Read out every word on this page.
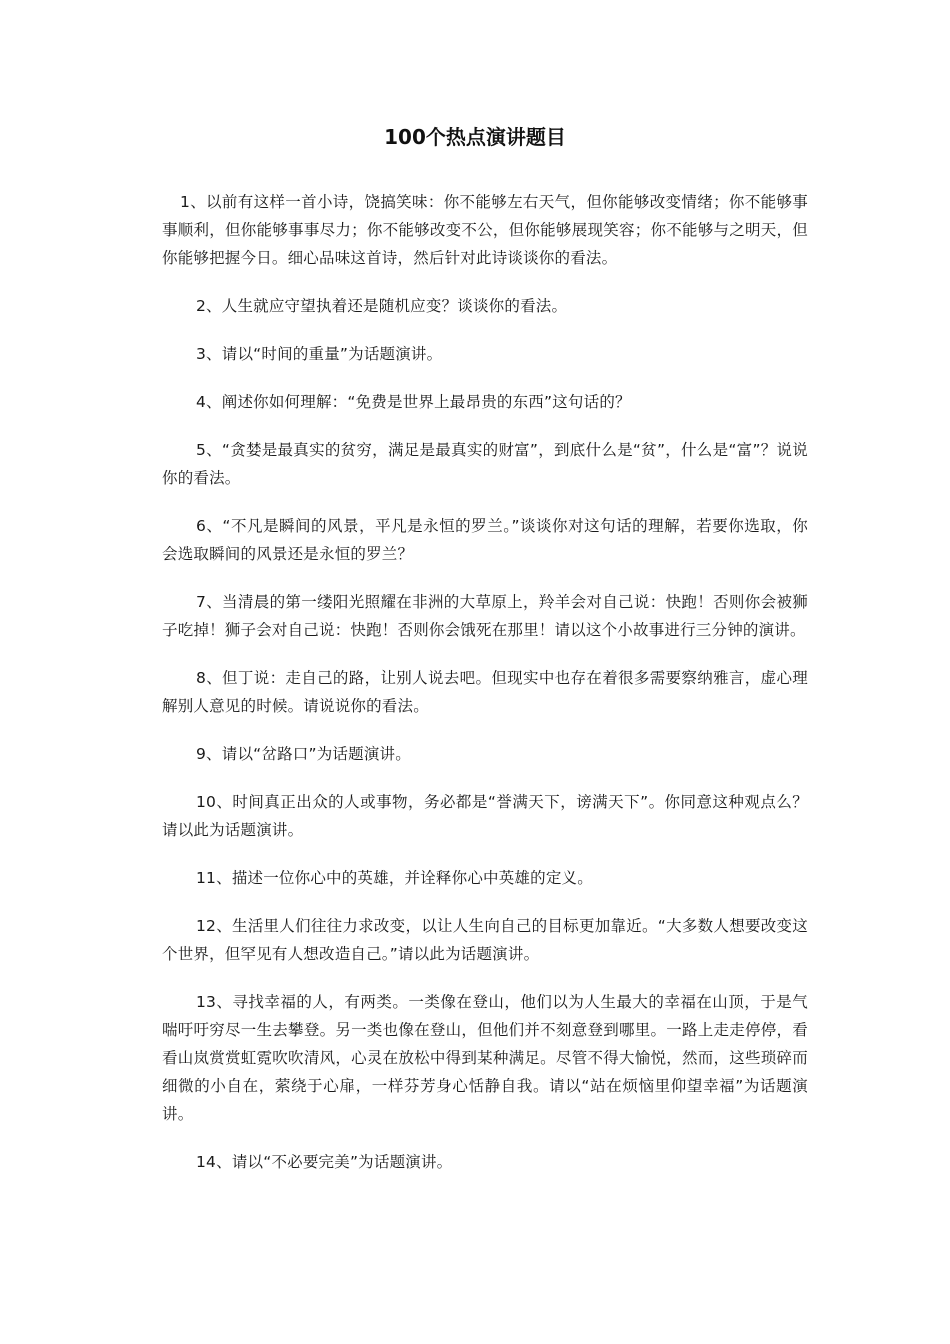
100个热点演讲题目

1、以前有这样一首小诗，饶搞笑味：你不能够左右天气，但你能够改变情绪；你不能够事事顺利，但你能够事事尽力；你不能够改变不公，但你能够展现笑容；你不能够与之明天，但你能够把握今日。细心品味这首诗，然后针对此诗谈谈你的看法。

2、人生就应守望执着还是随机应变？谈谈你的看法。

3、请以“时间的重量”为话题演讲。

4、阐述你如何理解：“免费是世界上最昂贵的东西”这句话的？

5、“贪婪是最真实的贫穷，满足是最真实的财富”，到底什么是“贫”，什么是“富”？说说你的看法。

6、“不凡是瞬间的风景，平凡是永恒的罗兰。”谈谈你对这句话的理解，若要你选取，你会选取瞬间的风景还是永恒的罗兰？

7、当清晨的第一缕阳光照耀在非洲的大草原上，羚羊会对自己说：快跑！否则你会被狮子吃掉！狮子会对自己说：快跑！否则你会饿死在那里！请以这个小故事进行三分钟的演讲。

8、但丁说：走自己的路，让别人说去吧。但现实中也存在着很多需要察纳雅言，虚心理解别人意见的时候。请说说你的看法。

9、请以“岔路口”为话题演讲。

10、时间真正出众的人或事物，务必都是“誉满天下，谤满天下”。你同意这种观点么？请以此为话题演讲。

11、描述一位你心中的英雄，并诠释你心中英雄的定义。

12、生活里人们往往力求改变，以让人生向自己的目标更加靠近。“大多数人想要改变这个世界，但罕见有人想改造自己。”请以此为话题演讲。

13、寻找幸福的人，有两类。一类像在登山，他们以为人生最大的幸福在山顶，于是气喘吁吁穷尽一生去攀登。另一类也像在登山，但他们并不刻意登到哪里。一路上走走停停，看看山岚赏赏虹霓吹吹清风，心灵在放松中得到某种满足。尽管不得大愉悦，然而，这些琐碎而细微的小自在，萦绕于心扉，一样芬芳身心恬静自我。请以“站在烦恼里仰望幸福”为话题演讲。

14、请以“不必要完美”为话题演讲。
